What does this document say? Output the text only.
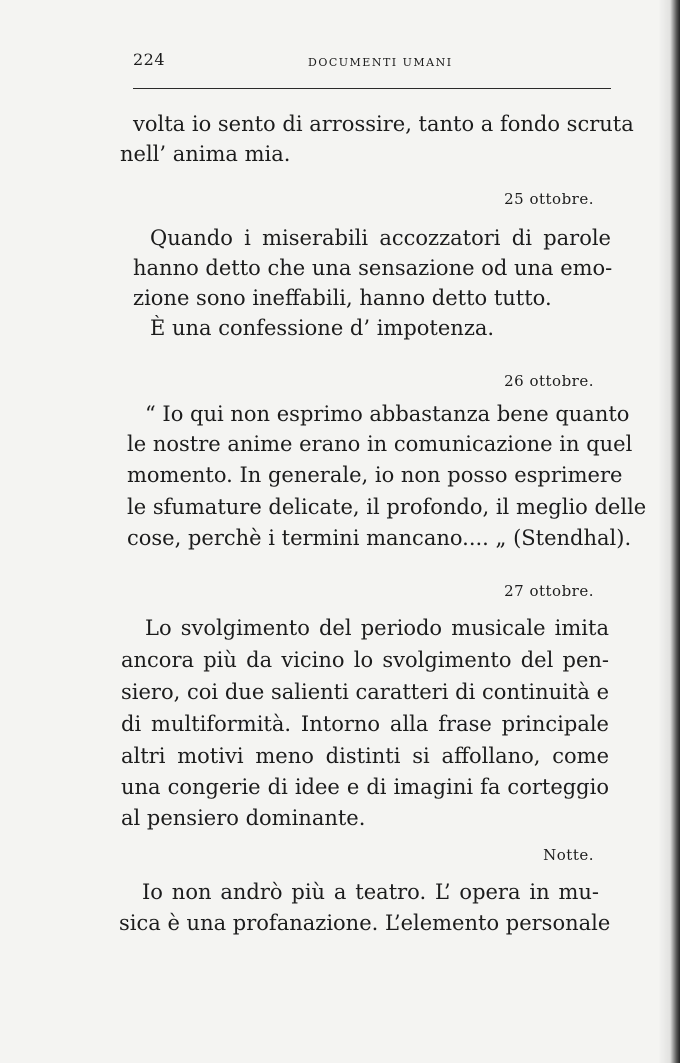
224	DOCUMENTI UMANI
volta io sento di arrossire, tanto a fondo scruta
nell’ anima mia.
25 ottobre.
Quando i miserabili accozzatori di parole
hanno detto che una sensazione od una emo-
zione sono ineffabili, hanno detto tutto.
È una confessione d’ impotenza.
26 ottobre.
“ Io qui non esprimo abbastanza bene quanto
le nostre anime erano in comunicazione in quel
momento. In generale, io non posso esprimere
le sfumature delicate, il profondo, il meglio delle
cose, perchè i termini mancano.... „ (Stendhal).
27 ottobre.
Lo svolgimento del periodo musicale imita
ancora più da vicino lo svolgimento del pen-
siero, coi due salienti caratteri di continuità e
di multiformità. Intorno alla frase principale
altri motivi meno distinti si affollano, come
una congerie di idee e di imagini fa corteggio
al pensiero dominante.
Notte.
Io non andrò più a teatro. L’ opera in mu-
sica è una profanazione. L’elemento personale
